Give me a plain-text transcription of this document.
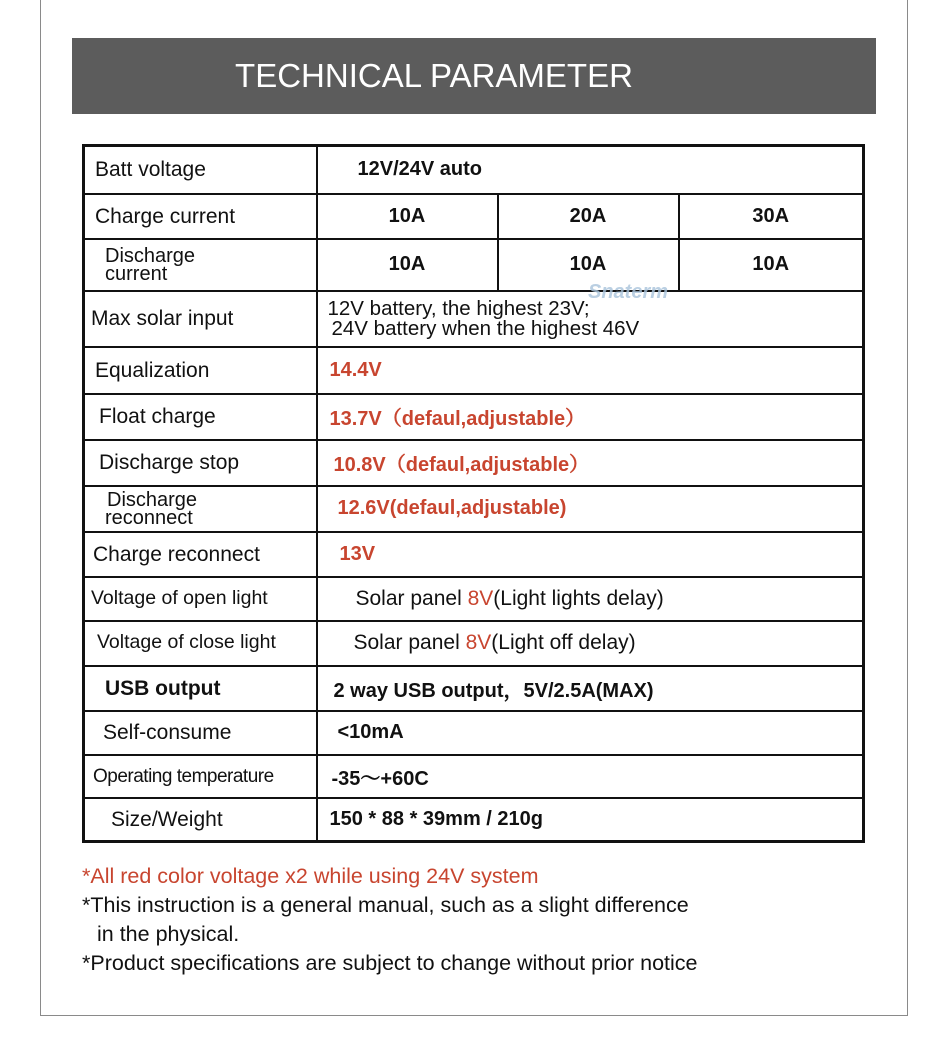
TECHNICAL PARAMETER
Batt voltage	12V/24V auto		
Charge current	10A	20A	30A

Discharge
current	10A	10A	10A
Max solar input	12V battery, the highest 23V;
24V battery when the highest 46V		

Equalization	14.4V		
Float charge	13.7V（defaul,adjustable）		
Discharge stop	10.8V（defaul,adjustable）		

Discharge
reconnect	12.6V(defaul,adjustable)		
Charge reconnect	13V		
Voltage of open light	Solar panel 8V(Light lights delay)		
Voltage of close light	Solar panel 8V(Light off delay)		
USB output	2 way USB output，5V/2.5A(MAX)		
Self-consume	<10mA		
Operating temperature	-35～+60C		
Size/Weight	150 * 88 * 39mm / 210g		
Snaterm
*All red color voltage x2 while using 24V system
*This instruction is a general manual, such as a slight difference
in the physical.
*Product specifications are subject to change without prior notice
